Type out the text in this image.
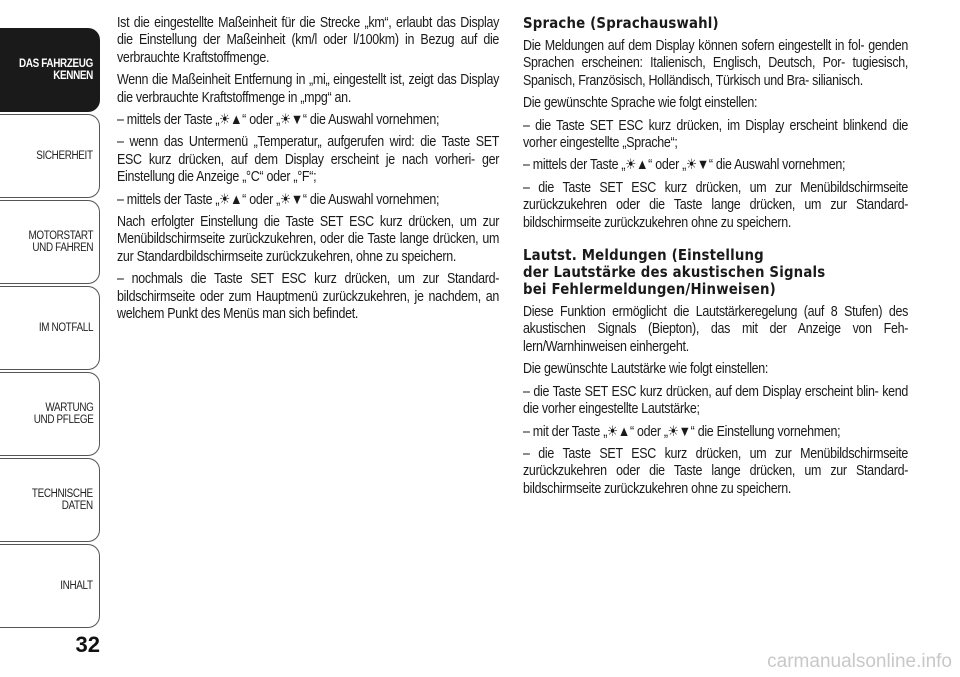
DAS FAHRZEUG
KENNEN
SICHERHEIT
MOTORSTART
UND FAHREN
IM NOTFALL
WARTUNG
UND PFLEGE
TECHNISCHE
DATEN
INHALT
32

Ist die eingestellte Maßeinheit für die Strecke „km“, erlaubt das Display die Einstellung der Maßeinheit (km/l oder l/100km) in Bezug auf die verbrauchte Kraftstoffmenge.

Wenn die Maßeinheit Entfernung in „mi„ eingestellt ist, zeigt das Display die verbrauchte Kraftstoffmenge in „mpg“ an.

– mittels der Taste „☀▲“ oder „☀▼“ die Auswahl vornehmen;

– wenn das Untermenü „Temperatur„ aufgerufen wird: die Taste SET ESC kurz drücken, auf dem Display erscheint je nach vorheri- ger Einstellung die Anzeige „°C“ oder „°F“;

– mittels der Taste „☀▲“ oder „☀▼“ die Auswahl vornehmen;

Nach erfolgter Einstellung die Taste SET ESC kurz drücken, um zur Menübildschirmseite zurückzukehren, oder die Taste lange drücken, um zur Standardbildschirmseite zurückzukehren, ohne zu speichern.

– nochmals die Taste SET ESC kurz drücken, um zur Standard- bildschirmseite oder zum Hauptmenü zurückzukehren, je nachdem, an welchem Punkt des Menüs man sich befindet.

Sprache (Sprachauswahl)

Die Meldungen auf dem Display können sofern eingestellt in fol- genden Sprachen erscheinen: Italienisch, Englisch, Deutsch, Por- tugiesisch, Spanisch, Französisch, Holländisch, Türkisch und Bra- silianisch.

Die gewünschte Sprache wie folgt einstellen:

– die Taste SET ESC kurz drücken, im Display erscheint blinkend die vorher eingestellte „Sprache“;

– mittels der Taste „☀▲“ oder „☀▼“ die Auswahl vornehmen;

– die Taste SET ESC kurz drücken, um zur Menübildschirmseite zurückzukehren oder die Taste lange drücken, um zur Standard- bildschirmseite zurückzukehren ohne zu speichern.

Lautst. Meldungen (Einstellung
der Lautstärke des akustischen Signals
bei Fehlermeldungen/Hinweisen)

Diese Funktion ermöglicht die Lautstärkeregelung (auf 8 Stufen) des akustischen Signals (Biepton), das mit der Anzeige von Feh- lern/Warnhinweisen einhergeht.

Die gewünschte Lautstärke wie folgt einstellen:

– die Taste SET ESC kurz drücken, auf dem Display erscheint blin- kend die vorher eingestellte Lautstärke;

– mit der Taste „☀▲“ oder „☀▼“ die Einstellung vornehmen;

– die Taste SET ESC kurz drücken, um zur Menübildschirmseite zurückzukehren oder die Taste lange drücken, um zur Standard- bildschirmseite zurückzukehren ohne zu speichern.

carmanualsonline.info
